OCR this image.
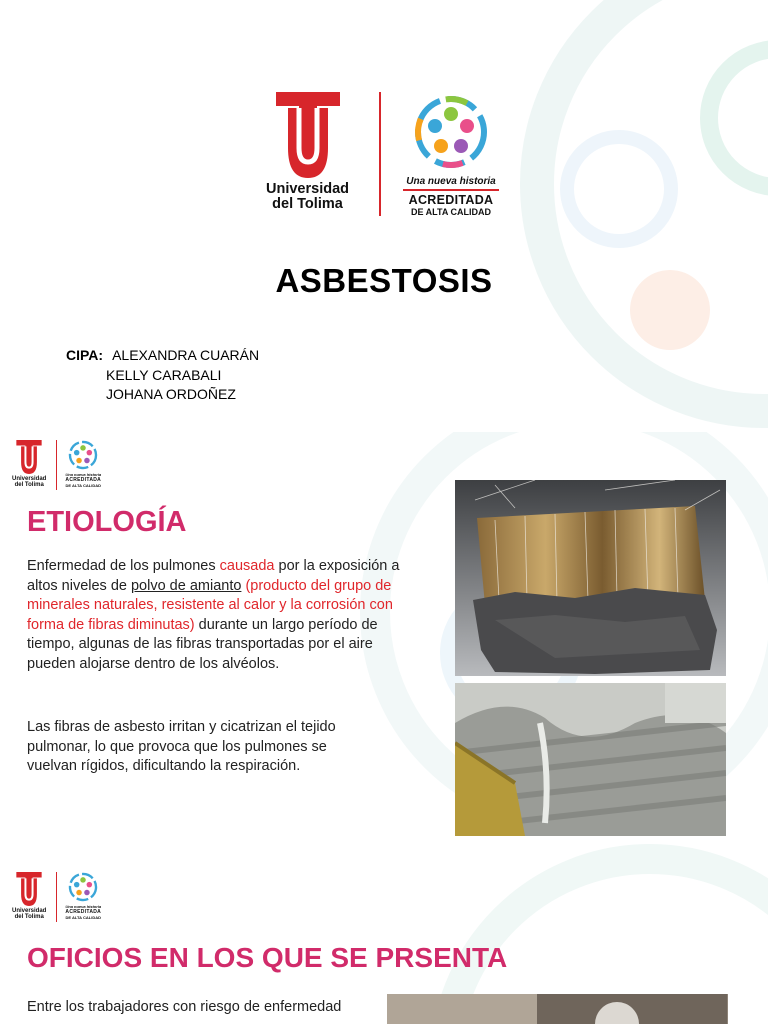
Universidad
del Tolima
Una nueva historia
ACREDITADA
DE ALTA CALIDAD
ASBESTOSIS
CIPA: ALEXANDRA CUARÁN
KELLY CARABALI
JOHANA ORDOÑEZ
Universidad
del Tolima
Una nueva historia
ACREDITADA
DE ALTA CALIDAD
ETIOLOGÍA
Enfermedad de los pulmones causada por la exposición a altos niveles de polvo de amianto (producto del grupo de minerales naturales, resistente al calor y la corrosión con forma de fibras diminutas) durante un largo período de tiempo, algunas de las fibras transportadas por el aire pueden alojarse dentro de los alvéolos.
Las fibras de asbesto irritan y cicatrizan el tejido pulmonar, lo que provoca que los pulmones se vuelvan rígidos, dificultando la respiración.
Universidad
del Tolima
Una nueva historia
ACREDITADA
DE ALTA CALIDAD
OFICIOS EN LOS QUE SE PRSENTA
Entre los trabajadores con riesgo de enfermedad
